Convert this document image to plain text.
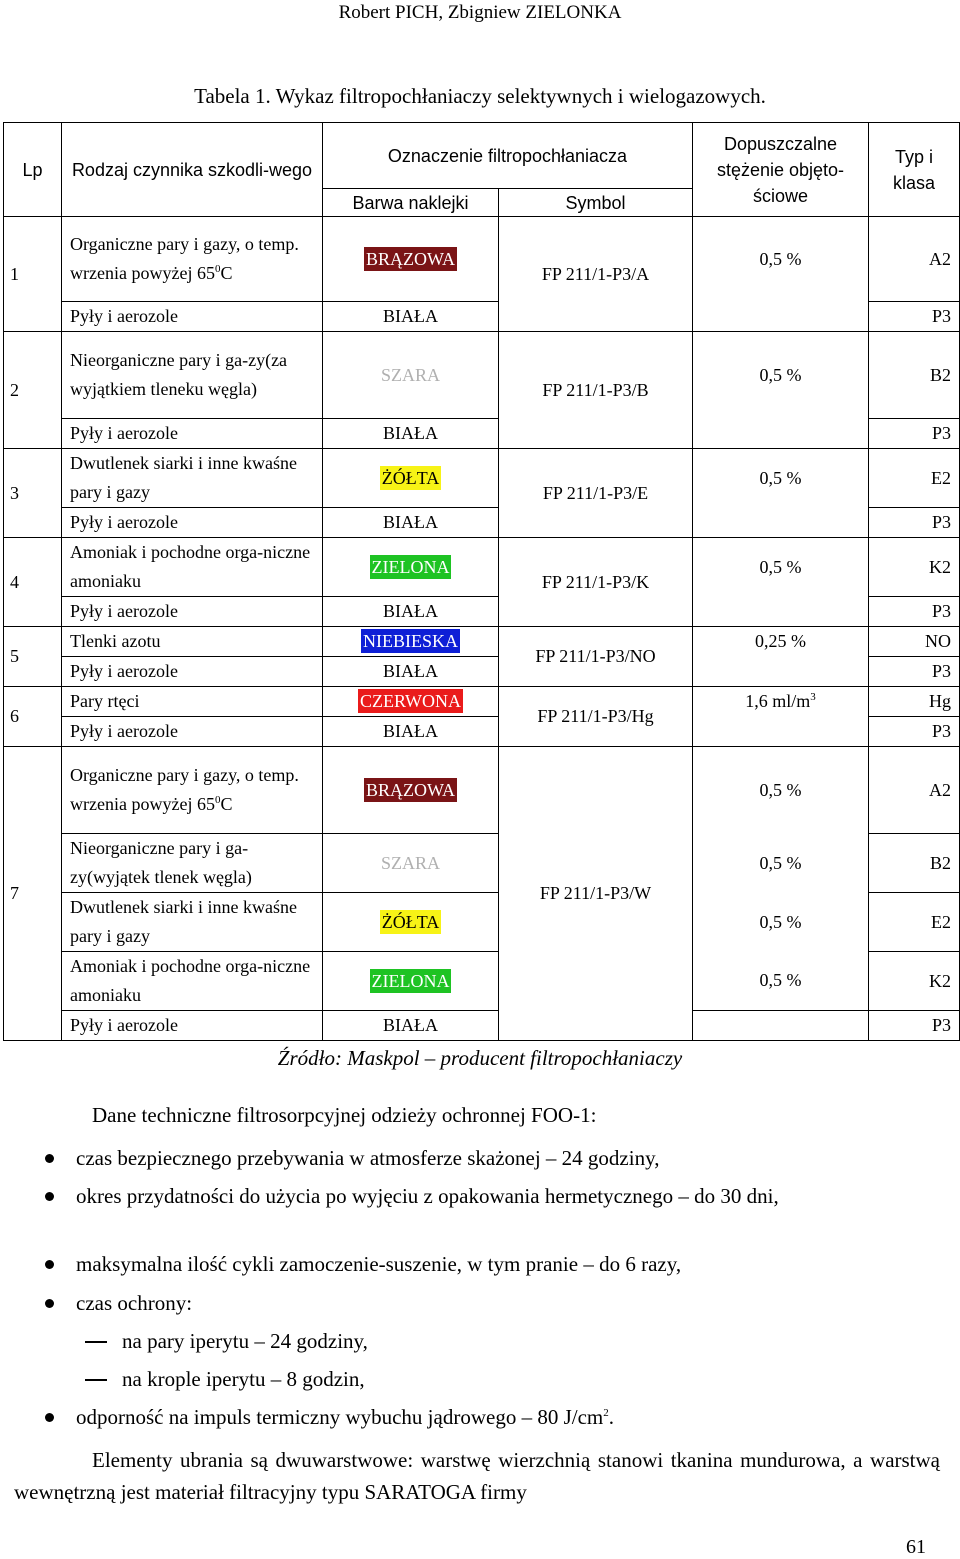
Robert PICH, Zbigniew ZIELONKA
Tabela 1. Wykaz filtropochłaniaczy selektywnych i wielogazowych.
Lp	Rodzaj czynnika szkodli-wego	Oznaczenie filtropochłaniacza		Dopuszczalne stężenie objęto-ściowe	Typ i klasa
		Barwa naklejki	Symbol		
1	Organiczne pary i gazy, o temp. wrzenia powyżej $65^0C$	BRĄZOWA	FP 211/1-P3/A	0,5 %	A2
	Pyły i aerozole	BIAŁA			P3
2	Nieorganiczne pary i ga-zy(za wyjątkiem tleneku węgla)	SZARA	FP 211/1-P3/B	0,5 %	B2
	Pyły i aerozole	BIAŁA			P3
3	Dwutlenek siarki i inne kwaśne pary i gazy	ŻÓŁTA	FP 211/1-P3/E	0,5 %	E2
	Pyły i aerozole	BIAŁA			P3
4	Amoniak i pochodne orga-niczne amoniaku	ZIELONA	FP 211/1-P3/K	0,5 %	K2
	Pyły i aerozole	BIAŁA			P3
5	Tlenki azotu	NIEBIESKA	FP 211/1-P3/NO	0,25 %	NO
	Pyły i aerozole	BIAŁA			P3
6	Pary rtęci	CZERWONA	FP 211/1-P3/Hg	1,6 $ml/m^3$	Hg
	Pyły i aerozole	BIAŁA			P3
7	Organiczne pary i gazy, o temp. wrzenia powyżej $65^0C$	BRĄZOWA	FP 211/1-P3/W	0,5 %	A2
	Nieorganiczne pary i ga-zy(wyjątek tlenek węgla)	SZARA		0,5 %	B2
	Dwutlenek siarki i inne kwaśne pary i gazy	ŻÓŁTA		0,5 %	E2
	Amoniak i pochodne orga-niczne amoniaku	ZIELONA		0,5 %	K2
	Pyły i aerozole	BIAŁA			P3
Źródło: Maskpol – producent filtropochłaniaczy
Dane techniczne filtrosorpcyjnej odzieży ochronnej FOO-1:
czas bezpiecznego przebywania w atmosferze skażonej – 24 godziny,
okres przydatności do użycia po wyjęciu z opakowania hermetycznego – do 30 dni,
maksymalna ilość cykli zamoczenie-suszenie, w tym pranie – do 6 razy,
czas ochrony:
na pary iperytu – 24 godziny,
na krople iperytu – 8 godzin,
odporność na impuls termiczny wybuchu jądrowego – 80 $J/cm^2$.
Elementy ubrania są dwuwarstwowe: warstwę wierzchnią stanowi tkanina mundurowa, a warstwą wewnętrzną jest materiał filtracyjny typu SARATOGA firmy
61
